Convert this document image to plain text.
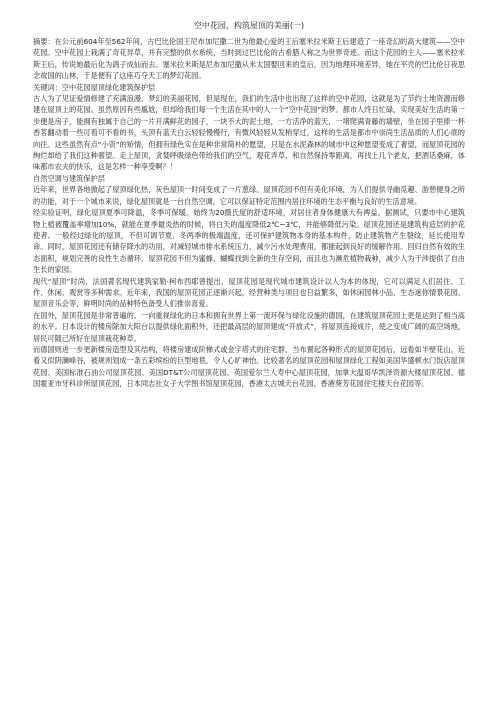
空中花园，构筑屋顶的美丽(一)

摘要：在公元前604年至562年间，古巴比伦国王尼布加尼撒二世为他最心爱的王后塞米拉米斯王后建造了一座奇幻的高大建筑——空中花园。空中花园上栽满了奇花异草，并有完整的供水系统，当时到过巴比伦的古希腊人称之为世界奇迹。而这个花园的主人——塞米拉米斯王后，传说她最后化为鸽子成仙而去。塞米拉米斯是尼布加尼撒从米太国娶回来的皇后，因为地理环境差异，她在平壳的巴比伦日夜思念故国的山林，于是便有了这座巧夺天工的梦幻花园。

关键词：空中花园屋顶绿化建筑保护层

古人为了见证爱情修建了充满浪漫、梦幻的美丽花园，但是现在，我们的生活中也出现了这样的空中花园，这就是为了节约土地资源而修建在屋顶上的花园。虽然原因有些尴尬，但却给我们每一个生活在其中的人一个“空中花园”的梦。都市人终日忙碌，实现美好生活的第一步便是房子，能拥有独属于自己的一片开满鲜花的园子，一块不大的泥土地，一方活净的蓝天，一堵爬满青藤的墙壁，坐在园子里捧一杯香茗翻动着一些可看可不看的书，头顶有蓝天白云轻轻慢慢行，有微风轻轻从发梢穿过，这样的生活是都市中崇尚生活品质的人们心底的向往。这些虽然有点“小资”的矫情，但拥有绿色实在是种非常简朴的愿望，只是在水泥森林的城市中这种愿望变成了奢望，而屋顶花园的绚烂却给了我们这种奢望。走上屋顶，贪婪呼吸绿色带给我们的空气，观花弄草，和自然保持零距离，再找上几个老友，把酒话桑麻，体味都市农夫的快乐，这是怎样一种享受啊？！

自然空调与建筑保护层

近年来，世界各地掀起了屋顶绿化热，灰色屋顶一时间变成了一片葱绿。屋顶花园不但有美化环境，为人们提供寻幽觅趣、游憩健身之所的功能，对于一个城市来说，绿化屋顶就是一台自然空调，它可以保证特定范围内居住环境的生态平衡与良好的生活意境。

经实验证明，绿化屋顶夏季可降温，冬季可保暖。始终为20摄氏度的舒适环境，对居住者身体健康大有裨益。据测试，只要市中心建筑物上植被覆盖率增加10%，就能在夏季最炎热的时候，将白天的温度降低2℃~3℃，并能够降低污染。屋顶花园还是建筑构造层的护花使者。一般经过绿化的屋顶，不但可调节夏、冬两季的极端温度，还可保护建筑物本身的基本构件，防止建筑物产生裂纹，延长使用寿命。同时，屋顶花园还有储存降水的功用，对减轻城市排水系统压力，减少污水处理费用，都能起到良好的缓解作用。回归自然有效的生态面积，规划完善的良性生态循环，屋顶花园不但为蜜蜂、蝴蝶找到全新的生存空间，而且也为濒危植物栽种，减少人为干涉提供了自由生长的家园。

现代“屋顶”时尚，法国著名现代建筑家勒·柯布西耶曾提出，屋顶花园是现代城市建筑设计以人为本的体现，它可以满足人们居住、工作、休闲、观赏等多种需求。近年来，我国的屋顶花园正逐渐兴起，经营种类与项目也日益繁多，如休闲园林小品、生态迷你情景花园、屋顶音乐会等，鲜明时尚的品种特色备受人们推崇喜爱。

在国外，屋顶花园是非常普遍的。一向重视绿化的日本和拥有世界上第一流环保与绿化设施的德国，在建筑屋顶花园上更是达到了相当高的水平。日本设计的楼房除加大阳台以提供绿化面积外，还把最高层的屋顶建成“开放式”，将屋顶连接成片，使之变成广阔的高空场地，居民可随己所好在屋顶栽花种草。

而德国则进一步更新楼房造型及其结构，将楼房建成阶梯式或金字塔式的住宅群，当布置起各种形式的屋顶花园后，远看如半壁花山，近看又似阴澜峰谷，被规则划成一条五彩缤纷的巨型地毯，令人心旷神怡。比较著名的屋顶花园和屋顶绿化工程如美国华盛顿水门饭店屋顶花园、美国标准石油公司屋顶花园、美国DT&T公司屋顶花园、英国爱尔兰人寿中心屋顶花园，加拿大温哥华凯泽资源大楼屋顶花园、德国霍亚市牙科诊所屋顶花园，日本同志社女子大学图书馆屋顶花园，香港太古城天台花园、香港葵芳花园住宅楼天台花园等。
